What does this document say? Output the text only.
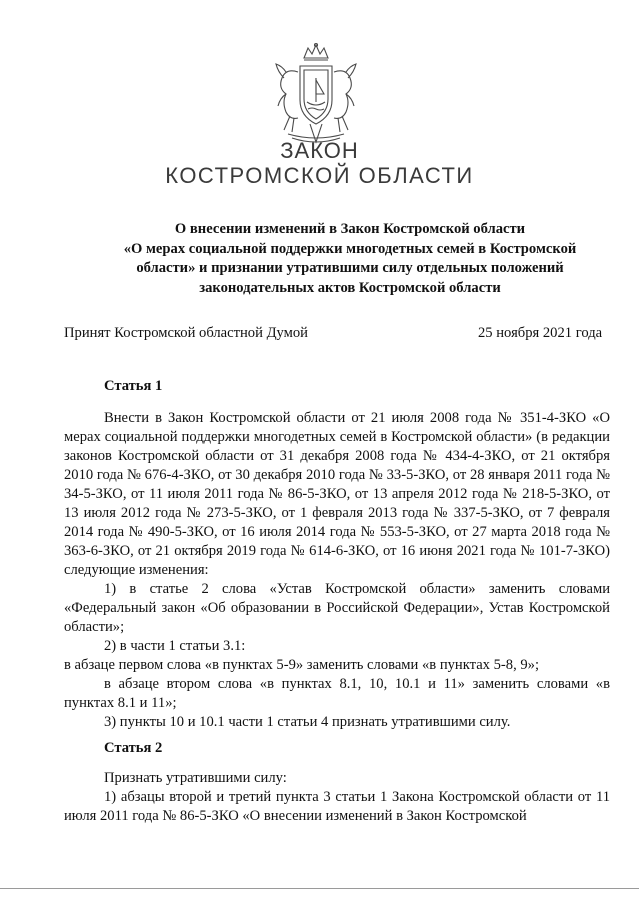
ЗАКОН
КОСТРОМСКОЙ ОБЛАСТИ
О внесении изменений в Закон Костромской области
«О мерах социальной поддержки многодетных семей в Костромской
области» и признании утратившими силу отдельных положений
законодательных актов Костромской области
Принят Костромской областной Думой	25 ноября 2021 года
Статья 1

Внести в Закон Костромской области от 21 июля 2008 года № 351-4-ЗКО «О мерах социальной поддержки многодетных семей в Костромской области» (в редакции законов Костромской области от 31 декабря 2008 года № 434-4-ЗКО, от 21 октября 2010 года № 676-4-ЗКО, от 30 декабря 2010 года № 33-5-ЗКО, от 28 января 2011 года № 34-5-ЗКО, от 11 июля 2011 года № 86-5-ЗКО, от 13 апреля 2012 года № 218-5-ЗКО, от 13 июля 2012 года № 273-5-ЗКО, от 1 февраля 2013 года № 337-5-ЗКО, от 7 февраля 2014 года № 490-5-ЗКО, от 16 июля 2014 года № 553-5-ЗКО, от 27 марта 2018 года № 363-6-ЗКО, от 21 октября 2019 года № 614-6-ЗКО, от 16 июня 2021 года № 101-7-ЗКО) следующие изменения:

1) в статье 2 слова «Устав Костромской области» заменить словами «Федеральный закон «Об образовании в Российской Федерации», Устав Костромской области»;

2) в части 1 статьи 3.1:

в абзаце первом слова «в пунктах 5-9» заменить словами «в пунктах 5-8, 9»;

в абзаце втором слова «в пунктах 8.1, 10, 10.1 и 11» заменить словами «в пунктах 8.1 и 11»;

3) пункты 10 и 10.1 части 1 статьи 4 признать утратившими силу.

Статья 2

Признать утратившими силу:

1) абзацы второй и третий пункта 3 статьи 1 Закона Костромской области от 11 июля 2011 года № 86-5-ЗКО «О внесении изменений в Закон Костромской
